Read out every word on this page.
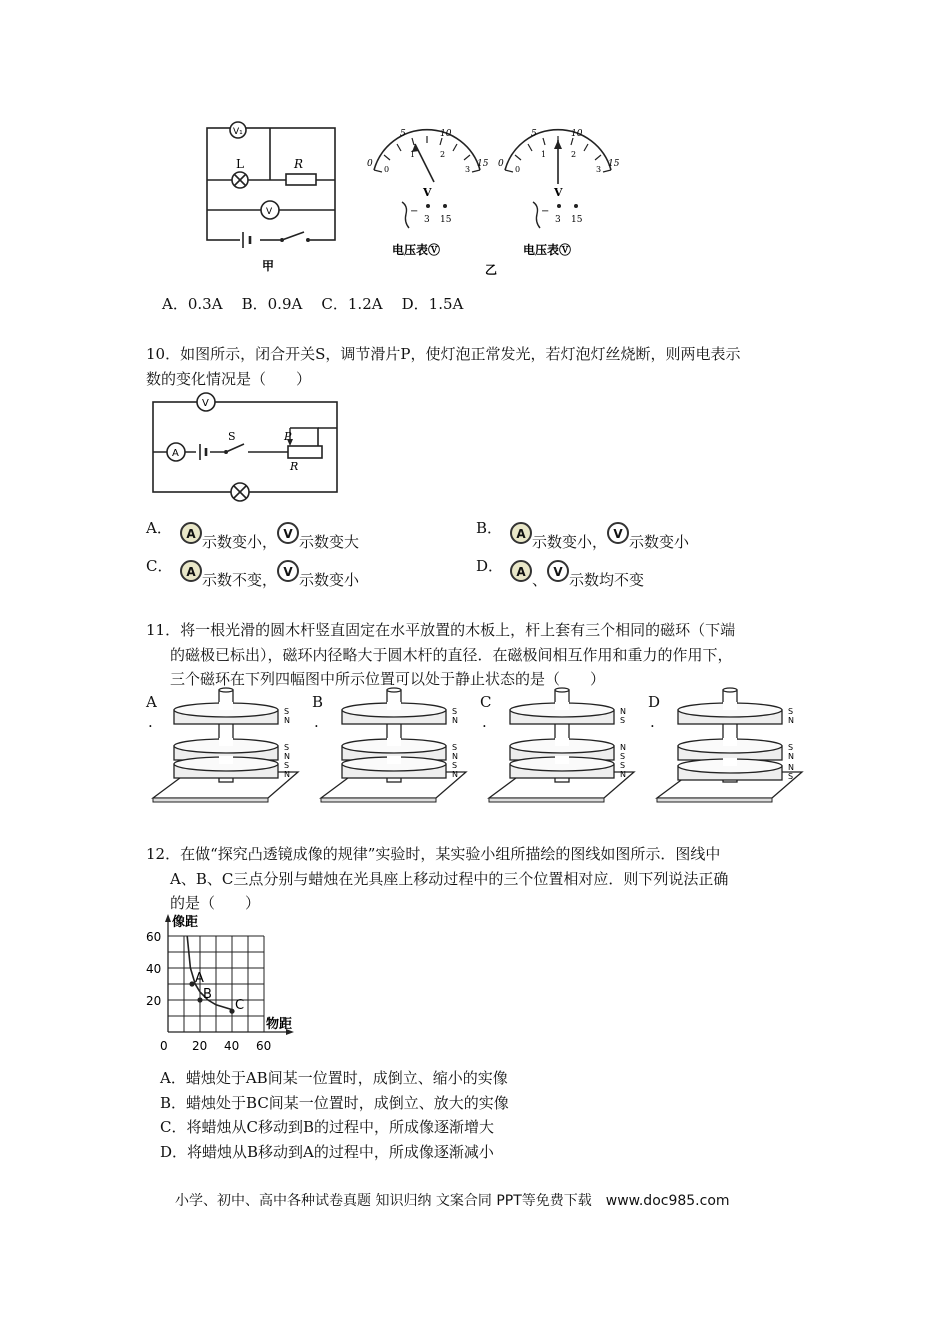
V₁
V
L	R
甲
0
5	10
15
0
1	2
3
V
−
3 15
电压表Ⓥ
0
5	10
15
0
1	2
3
V
−
3 15
电压表Ⓥ
乙
A．0.3A B．0.9A C．1.2A D．1.5A
10．如图所示，闭合开关S，调节滑片P，使灯泡正常发光，若灯泡灯丝烧断，则两电表示
数的变化情况是（　　）
V
A
S	P
R
A．	A 示数变小， V 示数变大
B．	A 示数变小， V 示数变小
C．	A 示数不变， V 示数变小
D．	A 、 V 示数均不变
11．将一根光滑的圆木杆竖直固定在水平放置的木板上，杆上套有三个相同的磁环（下端
的磁极已标出），磁环内径略大于圆木杆的直径．在磁极间相互作用和重力的作用下，
三个磁环在下列四幅图中所示位置可以处于静止状态的是（　　）
A
.
B
.
C
.
D
.
S
N
S
N
S
N
S
N
S
N
S
N
N
S
N
S
S
N
S
N
S
N
N
S
12．在做“探究凸透镜成像的规律”实验时，某实验小组所描绘的图线如图所示．图线中
A、B、C三点分别与蜡烛在光具座上移动过程中的三个位置相对应．则下列说法正确
的是（　　）
像距
物距
0 20 40 60
20
40
60
A
B
C
A．蜡烛处于AB间某一位置时，成倒立、缩小的实像
B．蜡烛处于BC间某一位置时，成倒立、放大的实像
C．将蜡烛从C移动到B的过程中，所成像逐渐增大
D．将蜡烛从B移动到A的过程中，所成像逐渐减小
小学、初中、高中各种试卷真题 知识归纳 文案合同 PPT等免费下载　www.doc985.com
